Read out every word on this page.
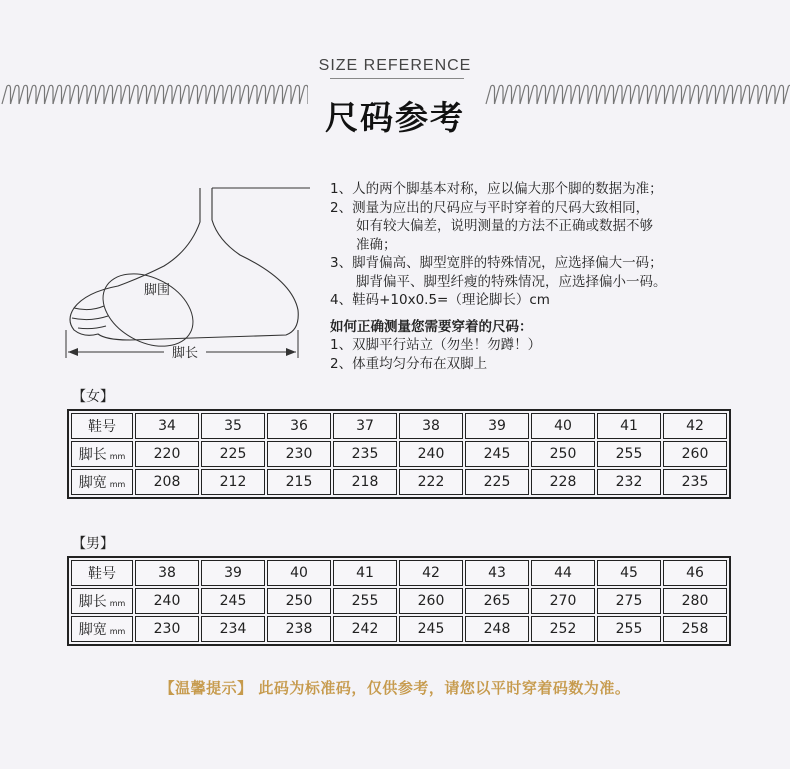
SIZE REFERENCE
尺码参考
脚围
脚长
1、人的两个脚基本对称，应以偏大那个脚的数据为准；
2、测量为应出的尺码应与平时穿着的尺码大致相同，
如有较大偏差，说明测量的方法不正确或数据不够
准确；
3、脚背偏高、脚型宽胖的特殊情况，应选择偏大一码；
脚背偏平、脚型纤瘦的特殊情况，应选择偏小一码。
4、鞋码+10x0.5=（理论脚长）cm
如何正确测量您需要穿着的尺码：
1、双脚平行站立（勿坐！勿蹲！）
2、体重均匀分布在双脚上
【女】
鞋号	34	35	36	37	38	39	40	41	42
脚长 mm	220	225	230	235	240	245	250	255	260
脚宽 mm	208	212	215	218	222	225	228	232	235
【男】
鞋号	38	39	40	41	42	43	44	45	46
脚长 mm	240	245	250	255	260	265	270	275	280
脚宽 mm	230	234	238	242	245	248	252	255	258
【温馨提示】 此码为标准码，仅供参考，请您以平时穿着码数为准。
